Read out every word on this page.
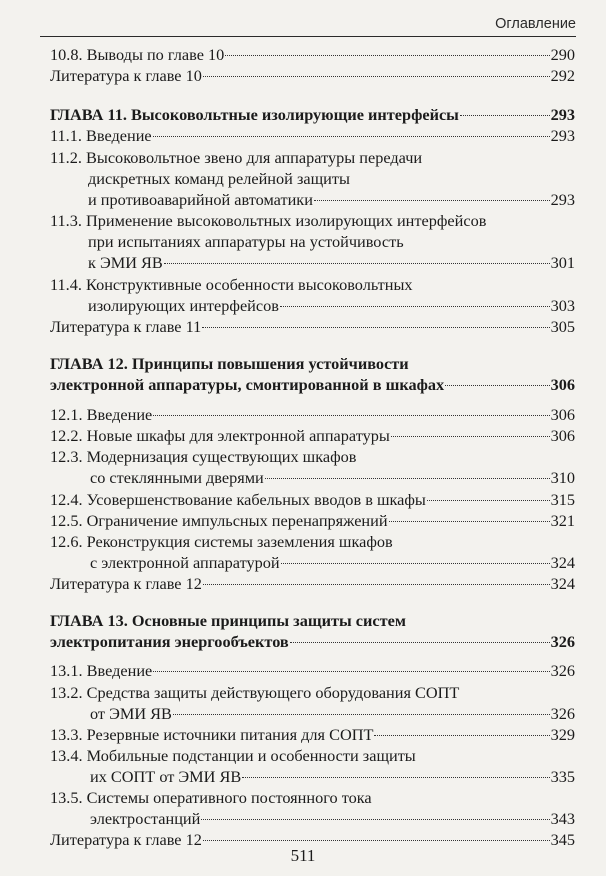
Оглавление
10.8. Выводы по главе 10	290
Литература к главе 10	292
ГЛАВА 11. Высоковольтные изолирующие интерфейсы	293
11.1. Введение	293
11.2. Высоковольтное звено для аппаратуры передачи
дискретных команд релейной защиты
и противоаварийной автоматики	293
11.3. Применение высоковольтных изолирующих интерфейсов
при испытаниях аппаратуры на устойчивость
к ЭМИ ЯВ	301
11.4. Конструктивные особенности высоковольтных
изолирующих интерфейсов	303
Литература к главе 11	305
ГЛАВА 12. Принципы повышения устойчивости
электронной аппаратуры, смонтированной в шкафах	306
12.1. Введение	306
12.2. Новые шкафы для электронной аппаратуры	306
12.3. Модернизация существующих шкафов
со стеклянными дверями	310
12.4. Усовершенствование кабельных вводов в шкафы	315
12.5. Ограничение импульсных перенапряжений	321
12.6. Реконструкция системы заземления шкафов
с электронной аппаратурой	324
Литература к главе 12	324
ГЛАВА 13. Основные принципы защиты систем
электропитания энергообъектов	326
13.1. Введение	326
13.2. Средства защиты действующего оборудования СОПТ
от ЭМИ ЯВ	326
13.3. Резервные источники питания для СОПТ	329
13.4. Мобильные подстанции и особенности защиты
их СОПТ от ЭМИ ЯВ	335
13.5. Системы оперативного постоянного тока
электростанций	343
Литература к главе 12	345
511
